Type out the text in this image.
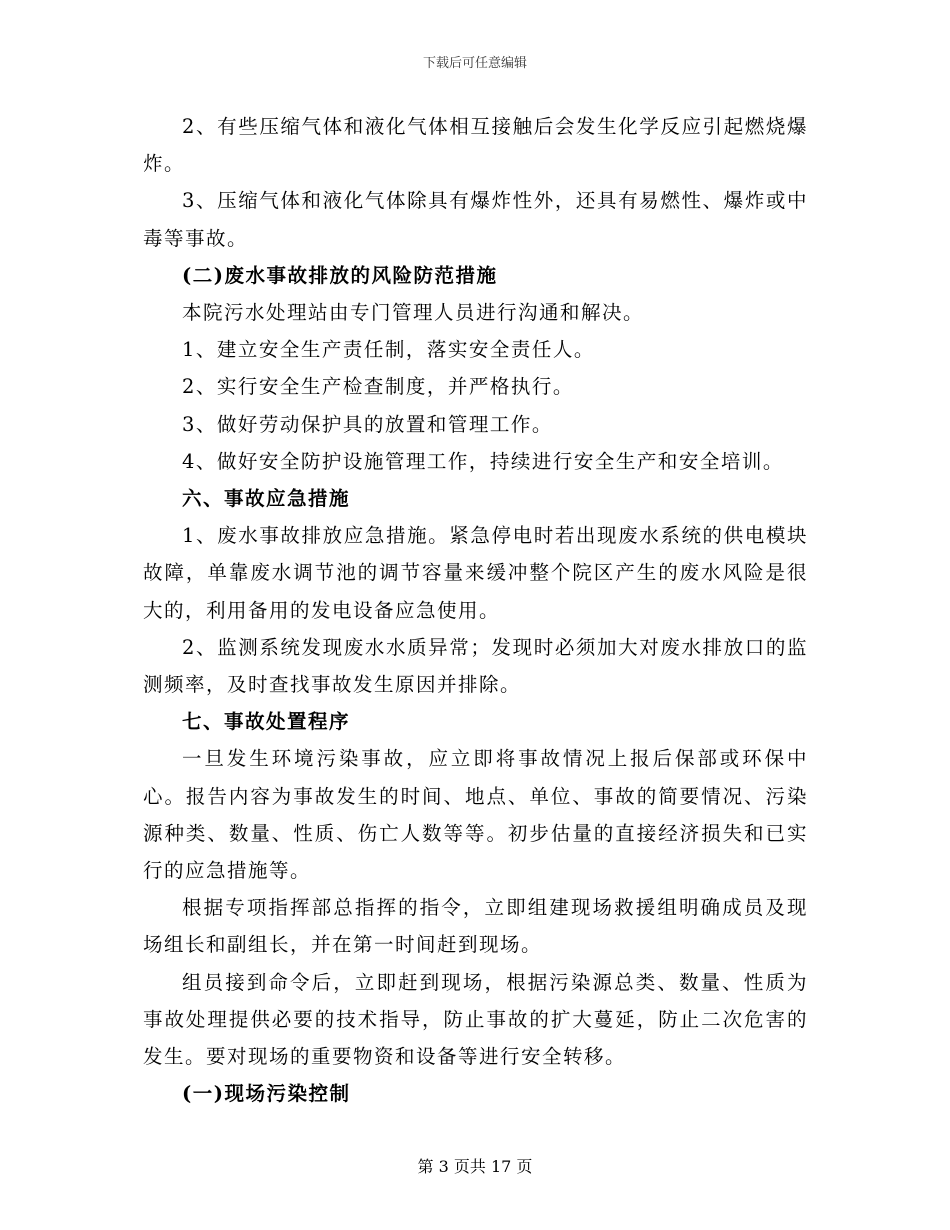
下载后可任意编辑

2、有些压缩气体和液化气体相互接触后会发生化学反应引起燃烧爆炸。

3、压缩气体和液化气体除具有爆炸性外，还具有易燃性、爆炸或中毒等事故。

(二)废水事故排放的风险防范措施

本院污水处理站由专门管理人员进行沟通和解决。

1、建立安全生产责任制，落实安全责任人。

2、实行安全生产检查制度，并严格执行。

3、做好劳动保护具的放置和管理工作。

4、做好安全防护设施管理工作，持续进行安全生产和安全培训。

六、事故应急措施

1、废水事故排放应急措施。紧急停电时若出现废水系统的供电模块故障，单靠废水调节池的调节容量来缓冲整个院区产生的废水风险是很大的，利用备用的发电设备应急使用。

2、监测系统发现废水水质异常；发现时必须加大对废水排放口的监测频率，及时查找事故发生原因并排除。

七、事故处置程序

一旦发生环境污染事故，应立即将事故情况上报后保部或环保中心。报告内容为事故发生的时间、地点、单位、事故的简要情况、污染源种类、数量、性质、伤亡人数等等。初步估量的直接经济损失和已实行的应急措施等。

根据专项指挥部总指挥的指令，立即组建现场救援组明确成员及现场组长和副组长，并在第一时间赶到现场。

组员接到命令后，立即赶到现场，根据污染源总类、数量、性质为事故处理提供必要的技术指导，防止事故的扩大蔓延，防止二次危害的发生。要对现场的重要物资和设备等进行安全转移。

(一)现场污染控制

第 3 页共 17 页
